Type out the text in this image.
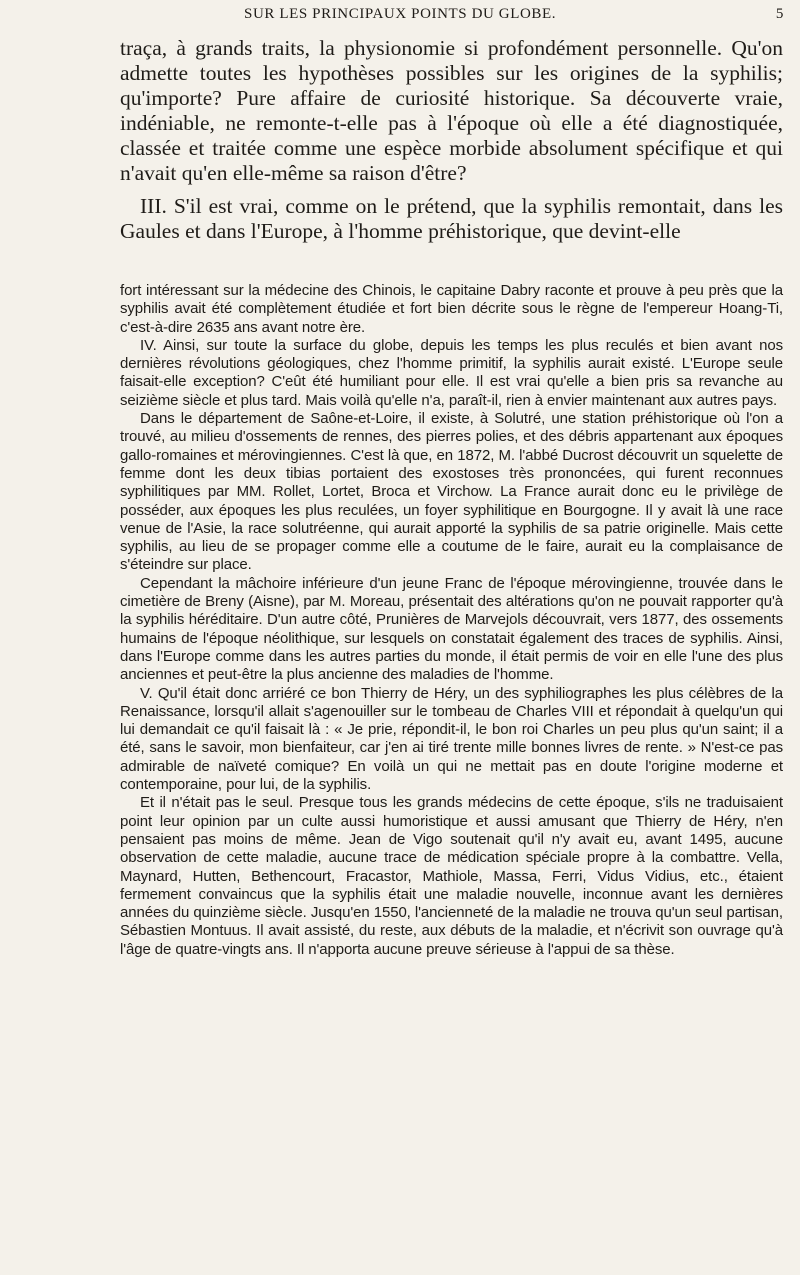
SUR LES PRINCIPAUX POINTS DU GLOBE.	5

traça, à grands traits, la physionomie si profondément personnelle. Qu'on admette toutes les hypothèses possibles sur les origines de la syphilis; qu'importe? Pure affaire de curiosité historique. Sa découverte vraie, indéniable, ne remonte-t-elle pas à l'époque où elle a été diagnostiquée, classée et traitée comme une espèce morbide absolument spécifique et qui n'avait qu'en elle-même sa raison d'être?

III. S'il est vrai, comme on le prétend, que la syphilis remontait, dans les Gaules et dans l'Europe, à l'homme préhistorique, que devint-elle

fort intéressant sur la médecine des Chinois, le capitaine Dabry raconte et prouve à peu près que la syphilis avait été complètement étudiée et fort bien décrite sous le règne de l'empereur Hoang-Ti, c'est-à-dire 2635 ans avant notre ère.

IV. Ainsi, sur toute la surface du globe, depuis les temps les plus reculés et bien avant nos dernières révolutions géologiques, chez l'homme primitif, la syphilis aurait existé. L'Europe seule faisait-elle exception? C'eût été humiliant pour elle. Il est vrai qu'elle a bien pris sa revanche au seizième siècle et plus tard. Mais voilà qu'elle n'a, paraît-il, rien à envier maintenant aux autres pays.

Dans le département de Saône-et-Loire, il existe, à Solutré, une station préhistorique où l'on a trouvé, au milieu d'ossements de rennes, des pierres polies, et des débris appartenant aux époques gallo-romaines et mérovingiennes. C'est là que, en 1872, M. l'abbé Ducrost découvrit un squelette de femme dont les deux tibias portaient des exostoses très prononcées, qui furent reconnues syphilitiques par MM. Rollet, Lortet, Broca et Virchow. La France aurait donc eu le privilège de posséder, aux époques les plus reculées, un foyer syphilitique en Bourgogne. Il y avait là une race venue de l'Asie, la race solutréenne, qui aurait apporté la syphilis de sa patrie originelle. Mais cette syphilis, au lieu de se propager comme elle a coutume de le faire, aurait eu la complaisance de s'éteindre sur place.

Cependant la mâchoire inférieure d'un jeune Franc de l'époque mérovingienne, trouvée dans le cimetière de Breny (Aisne), par M. Moreau, présentait des altérations qu'on ne pouvait rapporter qu'à la syphilis héréditaire. D'un autre côté, Prunières de Marvejols découvrait, vers 1877, des ossements humains de l'époque néolithique, sur lesquels on constatait également des traces de syphilis. Ainsi, dans l'Europe comme dans les autres parties du monde, il était permis de voir en elle l'une des plus anciennes et peut-être la plus ancienne des maladies de l'homme.

V. Qu'il était donc arriéré ce bon Thierry de Héry, un des syphiliographes les plus célèbres de la Renaissance, lorsqu'il allait s'agenouiller sur le tombeau de Charles VIII et répondait à quelqu'un qui lui demandait ce qu'il faisait là : « Je prie, répondit-il, le bon roi Charles un peu plus qu'un saint; il a été, sans le savoir, mon bienfaiteur, car j'en ai tiré trente mille bonnes livres de rente. » N'est-ce pas admirable de naïveté comique? En voilà un qui ne mettait pas en doute l'origine moderne et contemporaine, pour lui, de la syphilis.

Et il n'était pas le seul. Presque tous les grands médecins de cette époque, s'ils ne traduisaient point leur opinion par un culte aussi humoristique et aussi amusant que Thierry de Héry, n'en pensaient pas moins de même. Jean de Vigo soutenait qu'il n'y avait eu, avant 1495, aucune observation de cette maladie, aucune trace de médication spéciale propre à la combattre. Vella, Maynard, Hutten, Bethencourt, Fracastor, Mathiole, Massa, Ferri, Vidus Vidius, etc., étaient fermement convaincus que la syphilis était une maladie nouvelle, inconnue avant les dernières années du quinzième siècle. Jusqu'en 1550, l'ancienneté de la maladie ne trouva qu'un seul partisan, Sébastien Montuus. Il avait assisté, du reste, aux débuts de la maladie, et n'écrivit son ouvrage qu'à l'âge de quatre-vingts ans. Il n'apporta aucune preuve sérieuse à l'appui de sa thèse.
